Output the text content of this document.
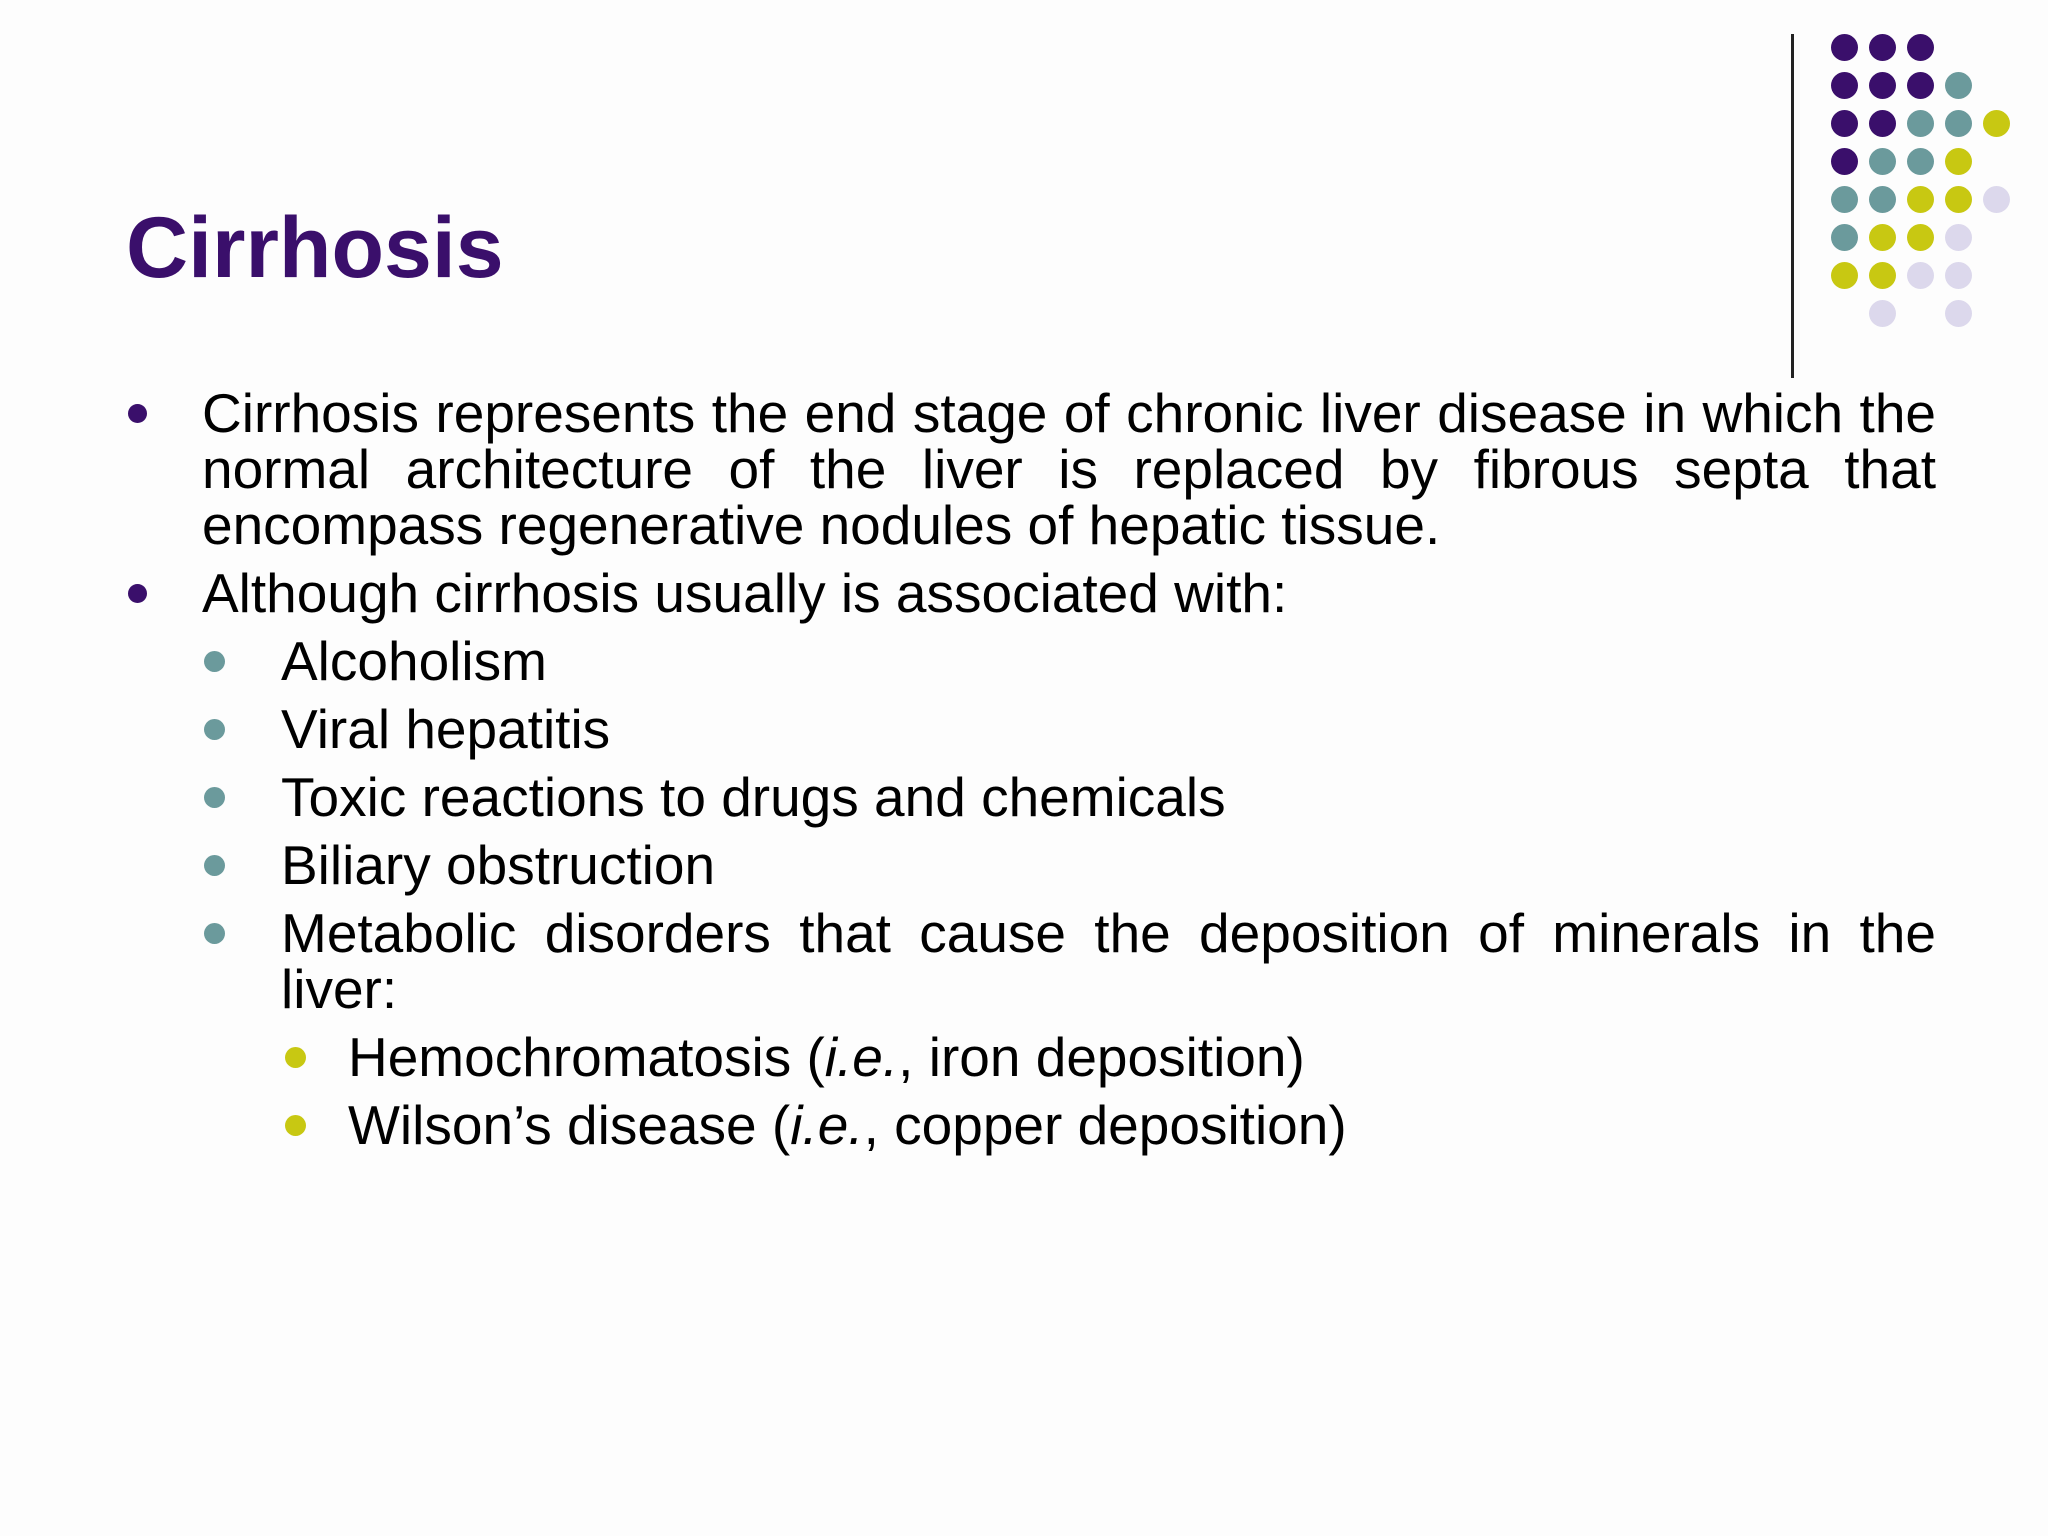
Cirrhosis
Cirrhosis represents the end stage of chronic liver disease in which the normal architecture of the liver is replaced by fibrous septa that encompass regenerative nodules of hepatic tissue.
Although cirrhosis usually is associated with:
Alcoholism
Viral hepatitis
Toxic reactions to drugs and chemicals
Biliary obstruction
Metabolic disorders that cause the deposition of minerals in the liver:
Hemochromatosis (i.e., iron deposition)
Wilson’s disease (i.e., copper deposition)
